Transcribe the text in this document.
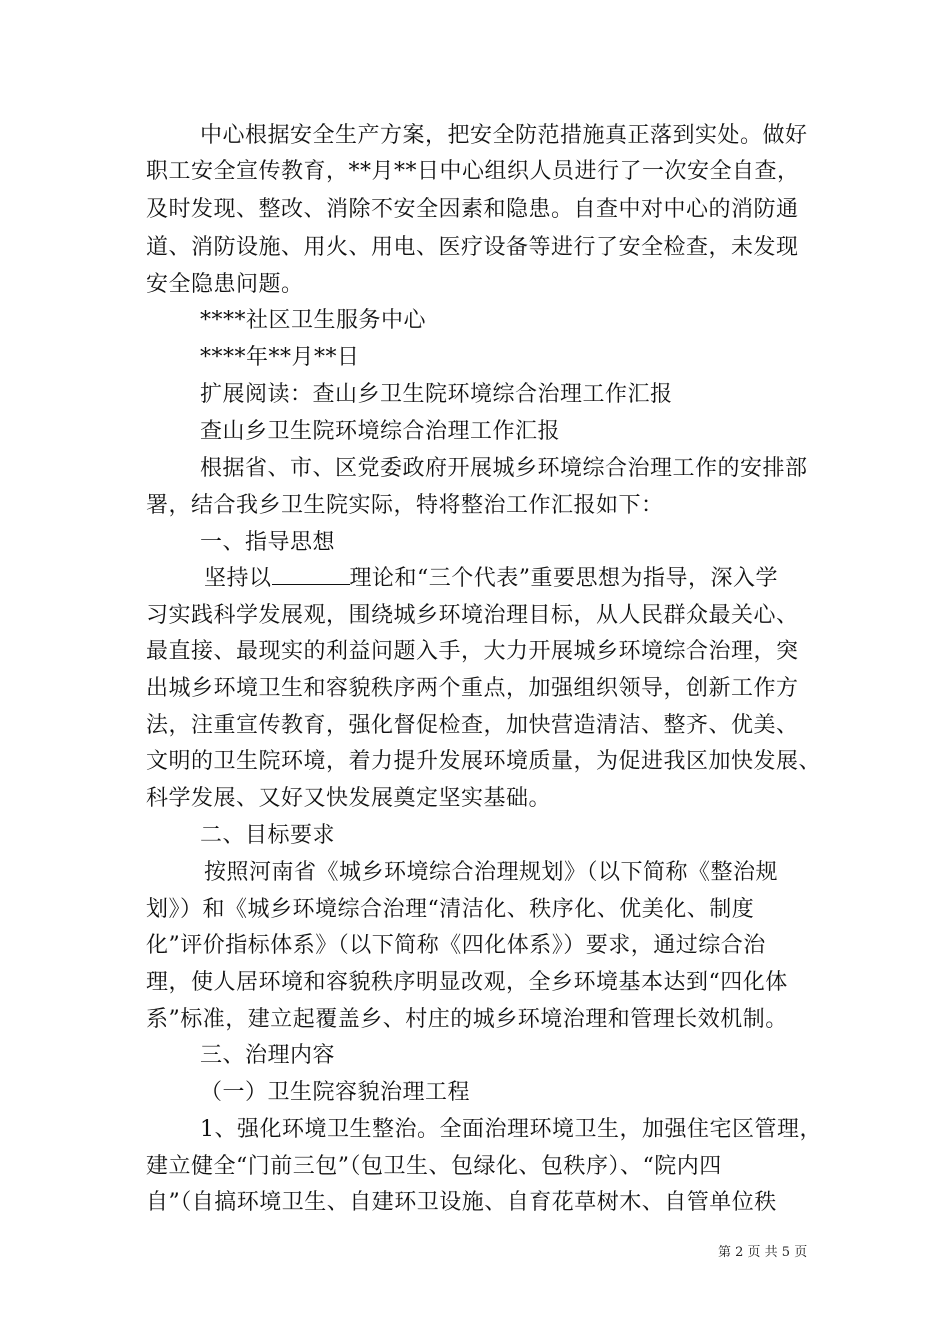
中心根据安全生产方案，把安全防范措施真正落到实处。做好
职工安全宣传教育，**月**日中心组织人员进行了一次安全自查，
及时发现、整改、消除不安全因素和隐患。自查中对中心的消防通
道、消防设施、用火、用电、医疗设备等进行了安全检查，未发现
安全隐患问题。
****社区卫生服务中心
****年**月**日
扩展阅读：查山乡卫生院环境综合治理工作汇报
查山乡卫生院环境综合治理工作汇报
根据省、市、区党委政府开展城乡环境综合治理工作的安排部
署，结合我乡卫生院实际，特将整治工作汇报如下：
一、指导思想
坚持以	理论和“三个代表”重要思想为指导，深入学
习实践科学发展观，围绕城乡环境治理目标，从人民群众最关心、
最直接、最现实的利益问题入手，大力开展城乡环境综合治理，突
出城乡环境卫生和容貌秩序两个重点，加强组织领导，创新工作方
法，注重宣传教育，强化督促检查，加快营造清洁、整齐、优美、
文明的卫生院环境，着力提升发展环境质量，为促进我区加快发展、
科学发展、又好又快发展奠定坚实基础。
二、目标要求
按照河南省《城乡环境综合治理规划》（以下简称《整治规
划》）和《城乡环境综合治理“清洁化、秩序化、优美化、制度
化”评价指标体系》（以下简称《四化体系》）要求，通过综合治
理，使人居环境和容貌秩序明显改观，全乡环境基本达到“四化体
系”标准，建立起覆盖乡、村庄的城乡环境治理和管理长效机制。
三、治理内容
（一）卫生院容貌治理工程
1、强化环境卫生整治。全面治理环境卫生，加强住宅区管理，
建立健全“门前三包”（包卫生、包绿化、包秩序）、“院内四
自”（自搞环境卫生、自建环卫设施、自育花草树木、自管单位秩
第 2 页 共 5 页
